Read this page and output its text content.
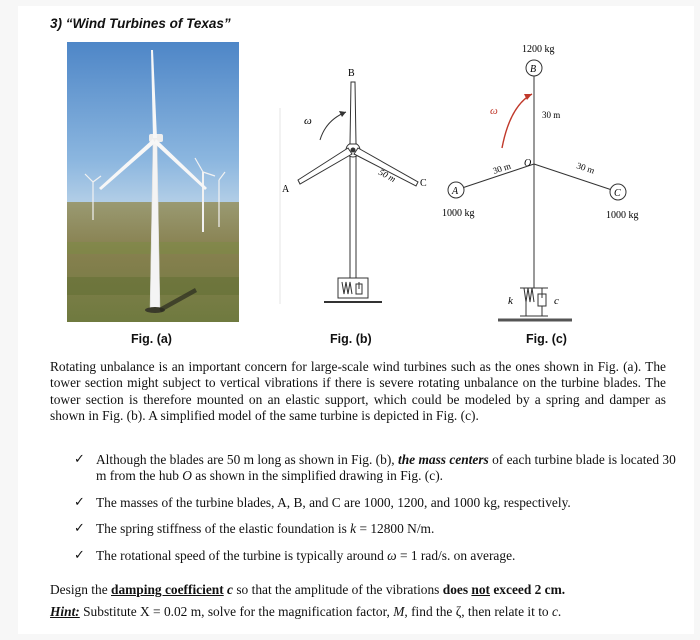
3) “Wind Turbines of Texas”
ω
B
A
C
50 m
1200 kg
B
30 m
30 m	30 m
O
ω
A
1000 kg
C
1000 kg
k	c
Fig. (a)	Fig. (b)	Fig. (c)
Rotating unbalance is an important concern for large-scale wind turbines such as the ones shown in Fig. (a). The tower section might subject to vertical vibrations if there is severe rotating unbalance on the turbine blades. The tower section is therefore mounted on an elastic support, which could be modeled by a spring and damper as shown in Fig. (b). A simplified model of the same turbine is depicted in Fig. (c).
✓ Although the blades are 50 m long as shown in Fig. (b), the mass centers of each turbine blade is located 30 m from the hub O as shown in the simplified drawing in Fig. (c).
✓ The masses of the turbine blades, A, B, and C are 1000, 1200, and 1000 kg, respectively.
✓ The spring stiffness of the elastic foundation is k = 12800 N/m.
✓ The rotational speed of the turbine is typically around ω = 1 rad/s. on average.
Design the damping coefficient c so that the amplitude of the vibrations does not exceed 2 cm.
Hint: Substitute X = 0.02 m, solve for the magnification factor, M, find the ζ, then relate it to c.
